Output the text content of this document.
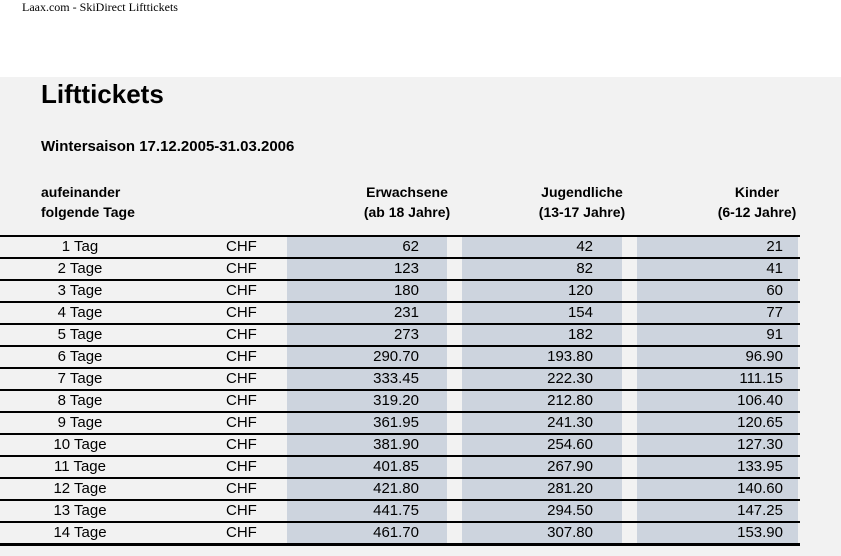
Laax.com - SkiDirect Lifttickets
Lifttickets
Wintersaison 17.12.2005-31.03.2006
aufeinander
folgende Tage
Erwachsene
(ab 18 Jahre)
Jugendliche
(13-17 Jahre)
Kinder
(6-12 Jahre)
1 Tag	CHF	62	42	21
2 Tage	CHF	123	82	41
3 Tage	CHF	180	120	60
4 Tage	CHF	231	154	77
5 Tage	CHF	273	182	91
6 Tage	CHF	290.70	193.80	96.90
7 Tage	CHF	333.45	222.30	111.15
8 Tage	CHF	319.20	212.80	106.40
9 Tage	CHF	361.95	241.30	120.65
10 Tage	CHF	381.90	254.60	127.30
11 Tage	CHF	401.85	267.90	133.95
12 Tage	CHF	421.80	281.20	140.60
13 Tage	CHF	441.75	294.50	147.25
14 Tage	CHF	461.70	307.80	153.90
